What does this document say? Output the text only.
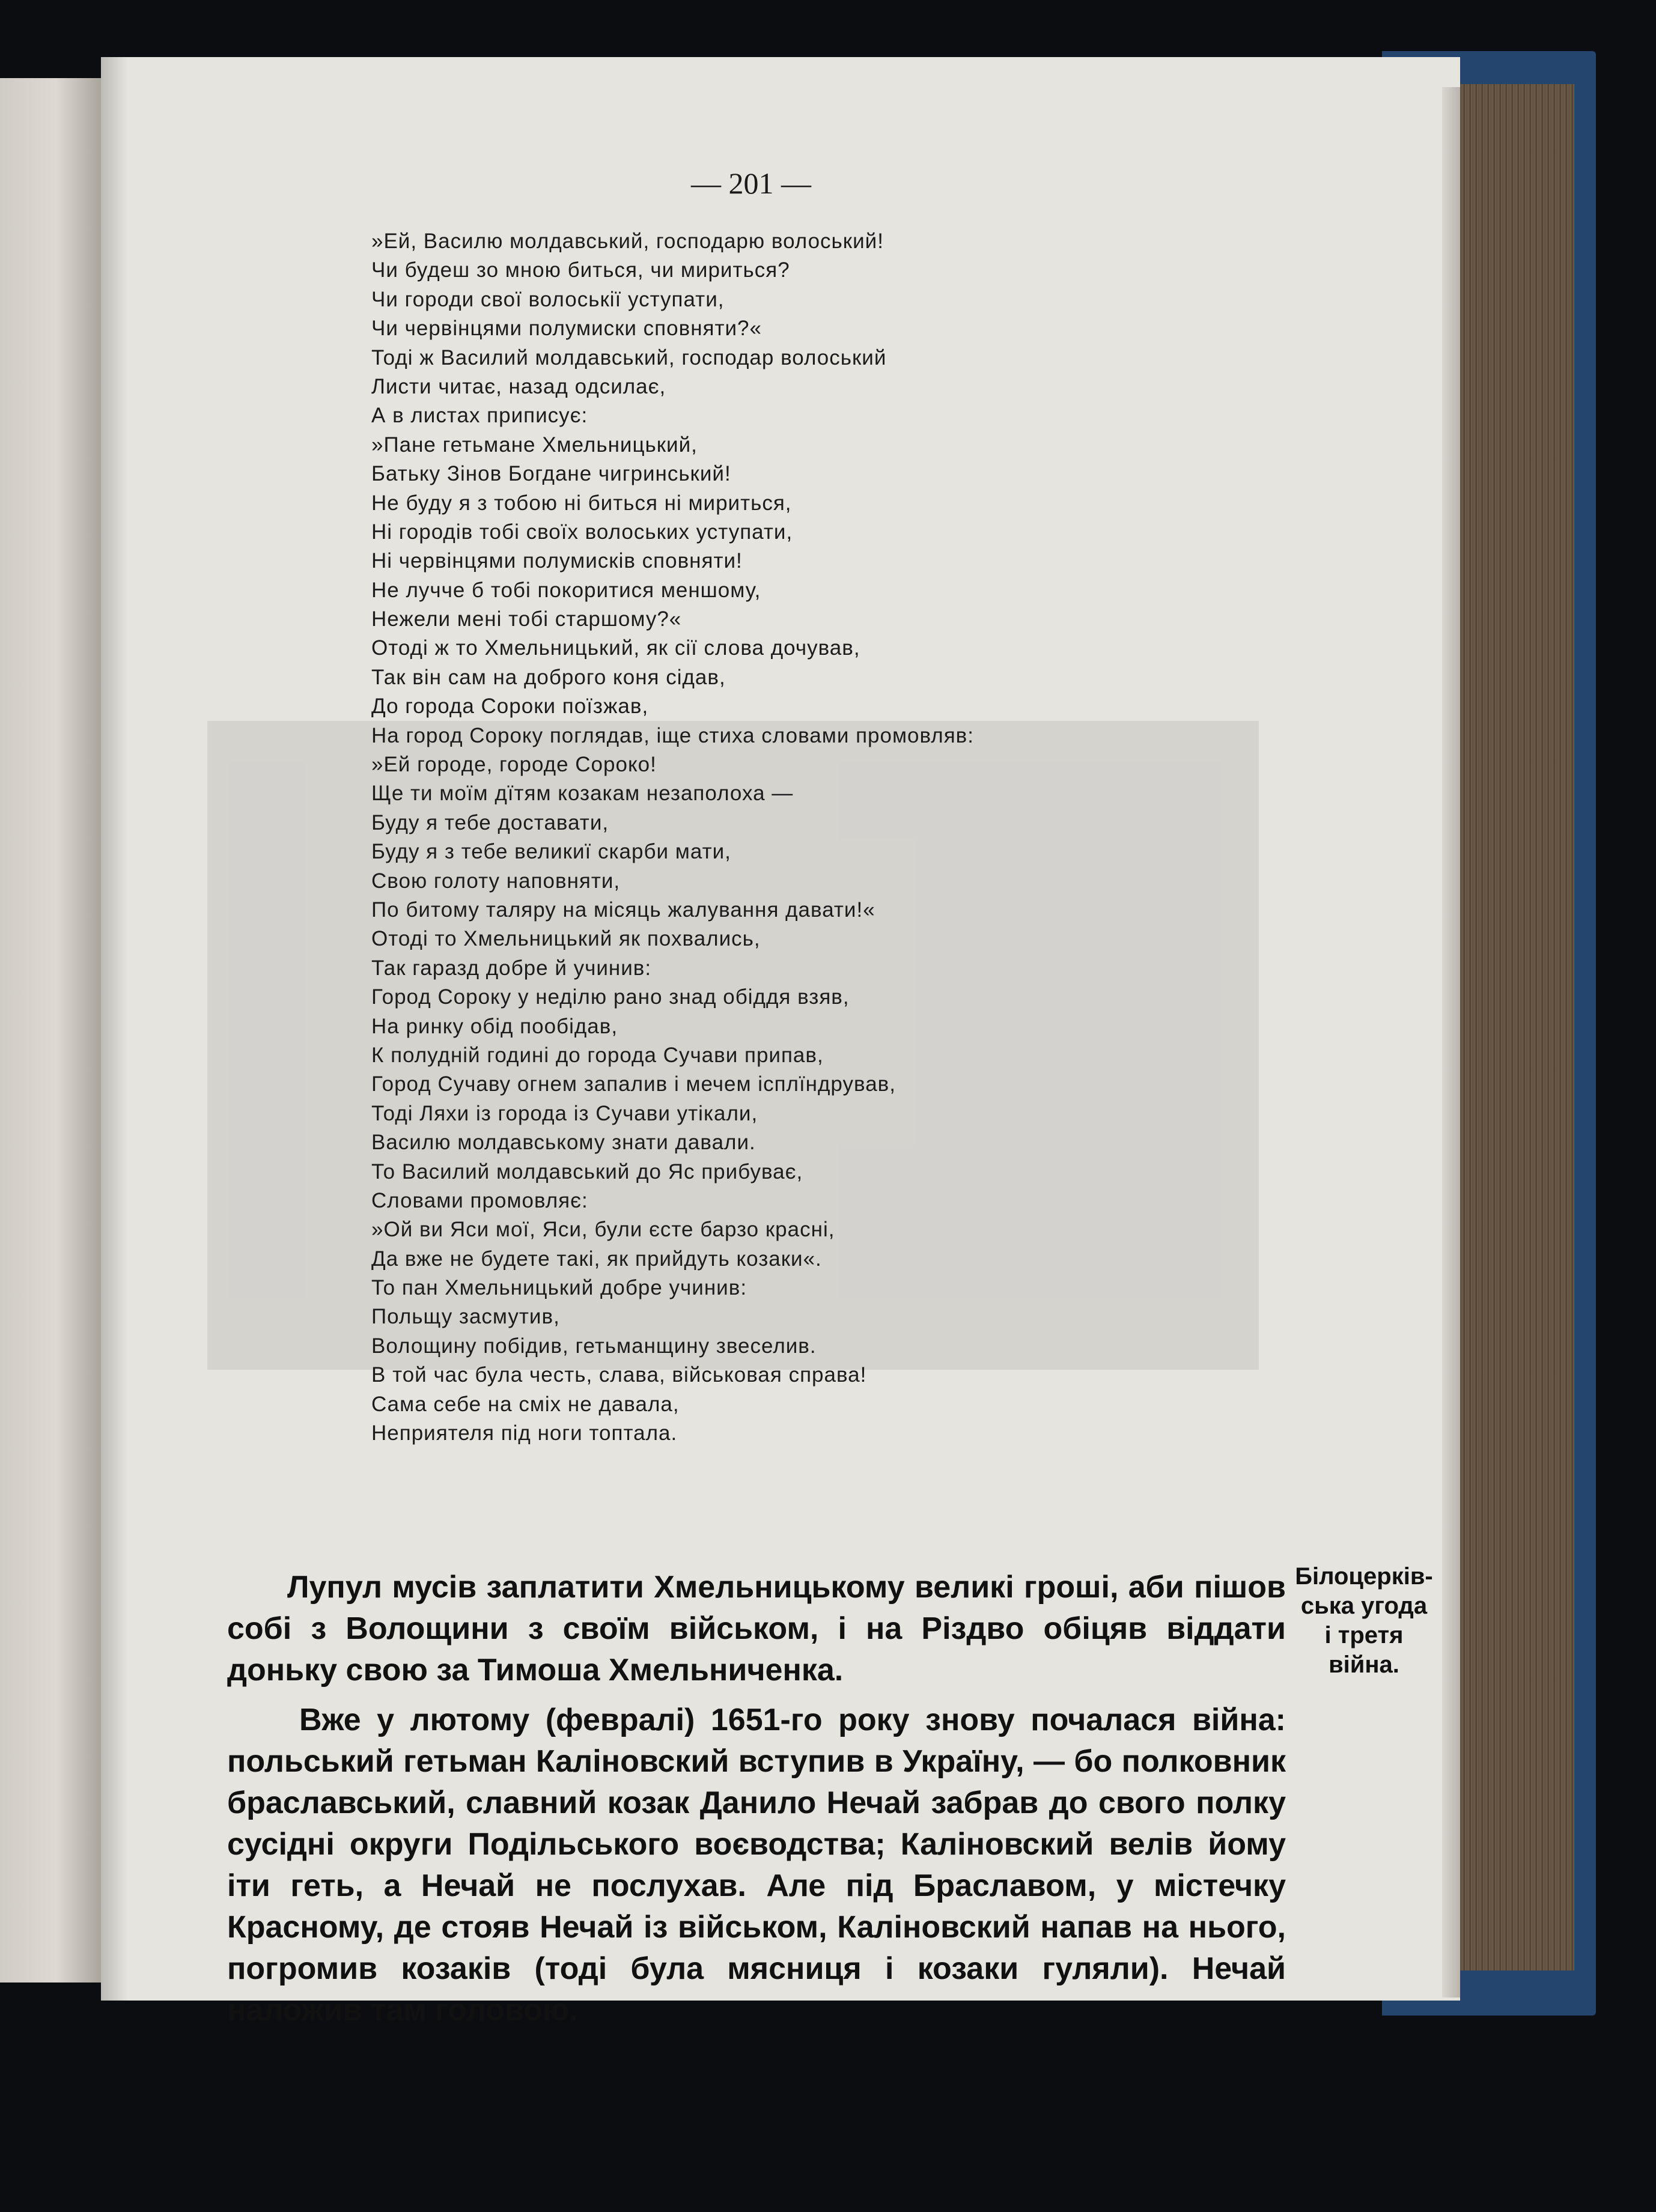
— 201 —
»Ей, Василю молдавський, господарю волоський!
Чи будеш зо мною биться, чи мириться?
Чи городи свої волоськії уступати,
Чи червінцями полумиски сповняти?«
Тоді ж Василий молдавський, господар волоський
Листи читає, назад одсилає,
А в листах приписує:
»Пане гетьмане Хмельницький,
Батьку Зінов Богдане чигринський!
Не буду я з тобою ні биться ні мириться,
Ні городів тобі своїх волоських уступати,
Ні червінцями полумисків сповняти!
Не лучче б тобі покоритися меншому,
Нежели мені тобі старшому?«
Отоді ж то Хмельницький, як сії слова дочував,
Так він сам на доброго коня сідав,
До города Сороки поїзжав,
На город Сороку поглядав, іще стиха словами промовляв:
»Ей городе, городе Сороко!
Ще ти моїм дїтям козакам незаполоха —
Буду я тебе доставати,
Буду я з тебе великиї скарби мати,
Свою голоту наповняти,
По битому таляру на місяць жалування давати!«
Отоді то Хмельницький як похвались,
Так гаразд добре й учинив:
Город Сороку у неділю рано знад обіддя взяв,
На ринку обід пообідав,
К полудній годині до города Сучави припав,
Город Сучаву огнем запалив і мечем ісплїндрував,
Тоді Ляхи із города із Сучави утікали,
Василю молдавському знати давали.
То Василий молдавський до Яс прибуває,
Словами промовляє:
»Ой ви Яси мої, Яси, були єсте барзо красні,
Да вже не будете такі, як прийдуть козаки«.
То пан Хмельницький добре учинив:
Польщу засмутив,
Волощину побідив, гетьманщину звеселив.
В той час була честь, слава, військовая справа!
Сама себе на сміх не давала,
Неприятеля під ноги топтала.

Лупул мусів заплатити Хмельницькому великі гроші, аби пішов собі з Волощини з своїм військом, і на Різдво обіцяв віддати доньку свою за Тимоша Хмельниченка.

Вже у лютому (февралі) 1651-го року знову почалася війна: польський гетьман Каліновский вступив в Україну, — бо полковник браславський, славний козак Данило Нечай забрав до свого полку сусідні округи Подільського воєводства; Каліновский велів йому іти геть, а Нечай не послухав. Але під Браславом, у містечку Красному, де стояв Нечай із військом, Каліновский напав на нього, погромив козаків (тоді була мясниця і козаки гуляли). Нечай наложив там головою.

Білоцерків-
ська угода
і третя
війна.
